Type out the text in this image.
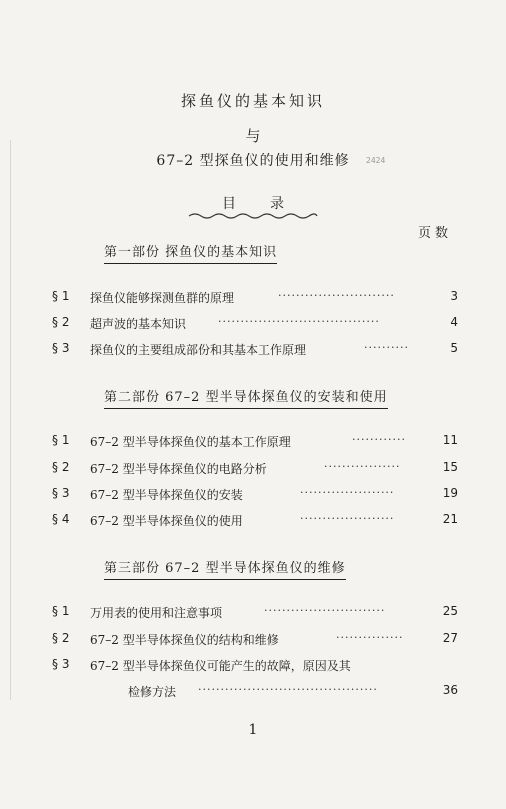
探鱼仪的基本知识
与
67–2 型探鱼仪的使用和维修	2424
目录
页数
第一部份 探鱼仪的基本知识
§ 1 探鱼仪能够探测鱼群的原理	··························	3
§ 2 超声波的基本知识	····································	4
§ 3 探鱼仪的主要组成部份和其基本工作原理	··········	5
第二部份 67–2 型半导体探鱼仪的安装和使用
§ 1 67–2 型半导体探鱼仪的基本工作原理	············	11
§ 2 67–2 型半导体探鱼仪的电路分析	·················	15
§ 3 67–2 型半导体探鱼仪的安装	·····················	19
§ 4 67–2 型半导体探鱼仪的使用	·····················	21
第三部份 67–2 型半导体探鱼仪的维修
§ 1 万用表的使用和注意事项	···························	25
§ 2 67–2 型半导体探鱼仪的结构和维修	···············	27
§ 3 67–2 型半导体探鱼仪可能产生的故障，原因及其
检修方法 ········································	36
1
